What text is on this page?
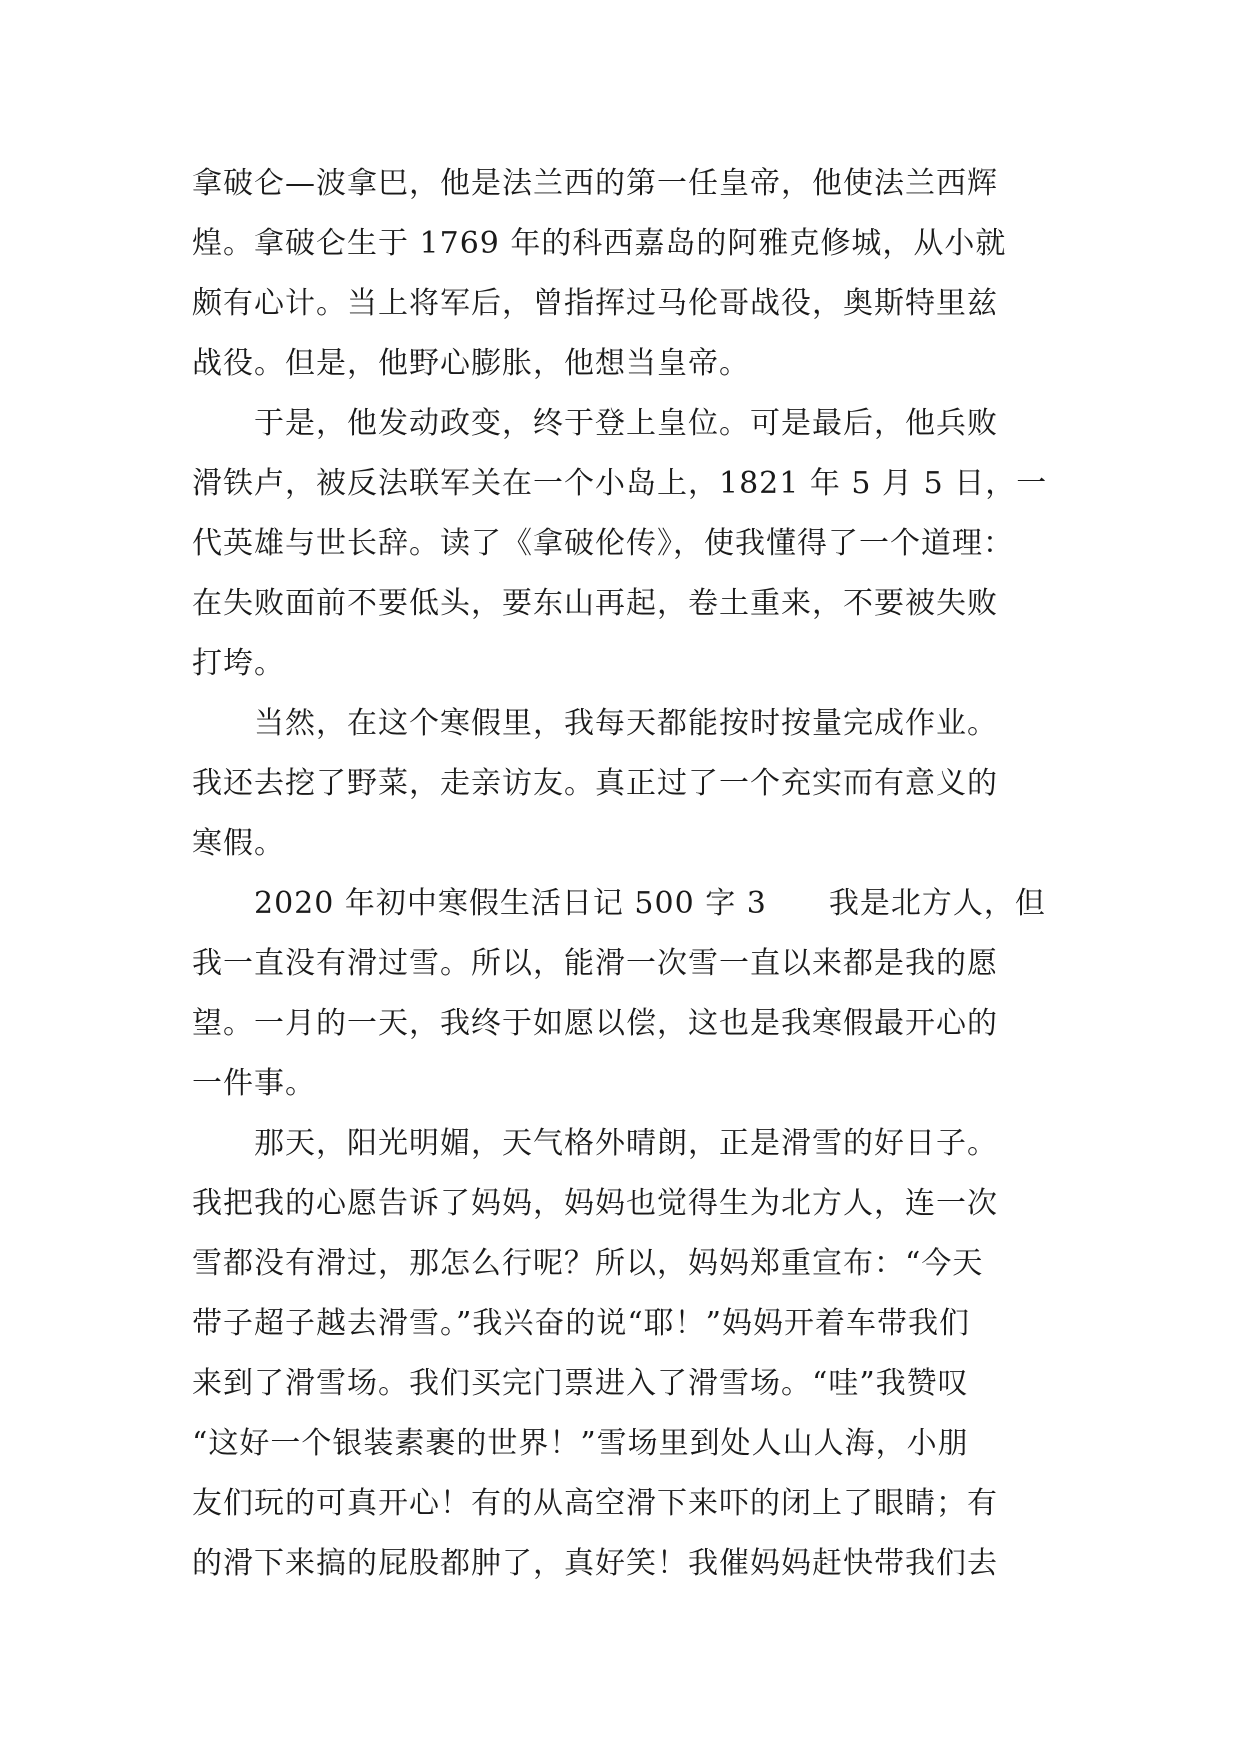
拿破仑—波拿巴，他是法兰西的第一任皇帝，他使法兰西辉
煌。拿破仑生于 1769 年的科西嘉岛的阿雅克修城，从小就
颇有心计。当上将军后，曾指挥过马伦哥战役，奥斯特里兹
战役。但是，他野心膨胀，他想当皇帝。
　　于是，他发动政变，终于登上皇位。可是最后，他兵败
滑铁卢，被反法联军关在一个小岛上，1821 年 5 月 5 日，一
代英雄与世长辞。读了《拿破伦传》，使我懂得了一个道理：
在失败面前不要低头，要东山再起，卷土重来，不要被失败
打垮。
　　当然，在这个寒假里，我每天都能按时按量完成作业。
我还去挖了野菜，走亲访友。真正过了一个充实而有意义的
寒假。
　　2020 年初中寒假生活日记 500 字 3　　我是北方人，但
我一直没有滑过雪。所以，能滑一次雪一直以来都是我的愿
望。一月的一天，我终于如愿以偿，这也是我寒假最开心的
一件事。
　　那天，阳光明媚，天气格外晴朗，正是滑雪的好日子。
我把我的心愿告诉了妈妈，妈妈也觉得生为北方人，连一次
雪都没有滑过，那怎么行呢？所以，妈妈郑重宣布：“今天
带子超子越去滑雪。”我兴奋的说“耶！”妈妈开着车带我们
来到了滑雪场。我们买完门票进入了滑雪场。“哇”我赞叹
“这好一个银装素裹的世界！”雪场里到处人山人海，小朋
友们玩的可真开心！有的从高空滑下来吓的闭上了眼睛；有
的滑下来搞的屁股都肿了，真好笑！我催妈妈赶快带我们去
